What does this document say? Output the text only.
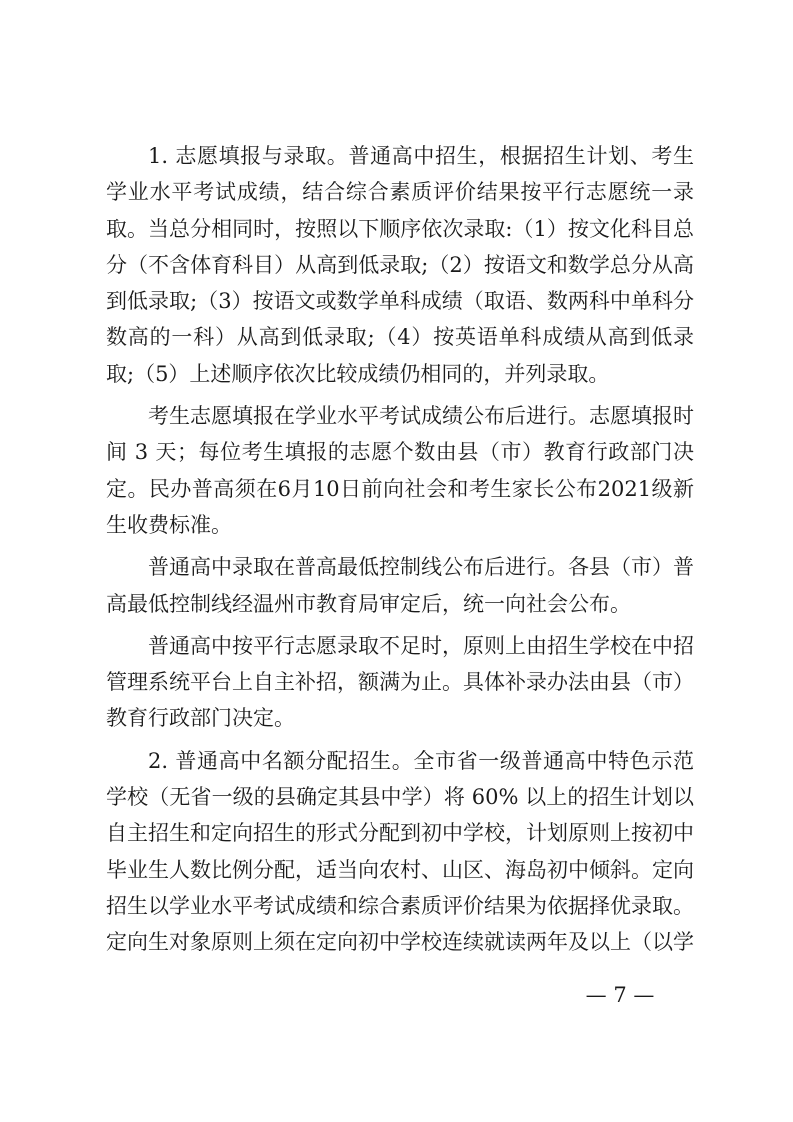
1. 志愿填报与录取。普通高中招生，根据招生计划、考生学业水平考试成绩，结合综合素质评价结果按平行志愿统一录取。当总分相同时，按照以下顺序依次录取:（1）按文化科目总分（不含体育科目）从高到低录取;（2）按语文和数学总分从高到低录取;（3）按语文或数学单科成绩（取语、数两科中单科分数高的一科）从高到低录取;（4）按英语单科成绩从高到低录取;（5）上述顺序依次比较成绩仍相同的，并列录取。

考生志愿填报在学业水平考试成绩公布后进行。志愿填报时间 3 天；每位考生填报的志愿个数由县（市）教育行政部门决定。民办普高须在6月10日前向社会和考生家长公布2021级新生收费标准。

普通高中录取在普高最低控制线公布后进行。各县（市）普高最低控制线经温州市教育局审定后，统一向社会公布。

普通高中按平行志愿录取不足时，原则上由招生学校在中招管理系统平台上自主补招，额满为止。具体补录办法由县（市）教育行政部门决定。

2. 普通高中名额分配招生。全市省一级普通高中特色示范学校（无省一级的县确定其县中学）将 60% 以上的招生计划以自主招生和定向招生的形式分配到初中学校，计划原则上按初中毕业生人数比例分配，适当向农村、山区、海岛初中倾斜。定向招生以学业水平考试成绩和综合素质评价结果为依据择优录取。定向生对象原则上须在定向初中学校连续就读两年及以上（以学

— 7 —
